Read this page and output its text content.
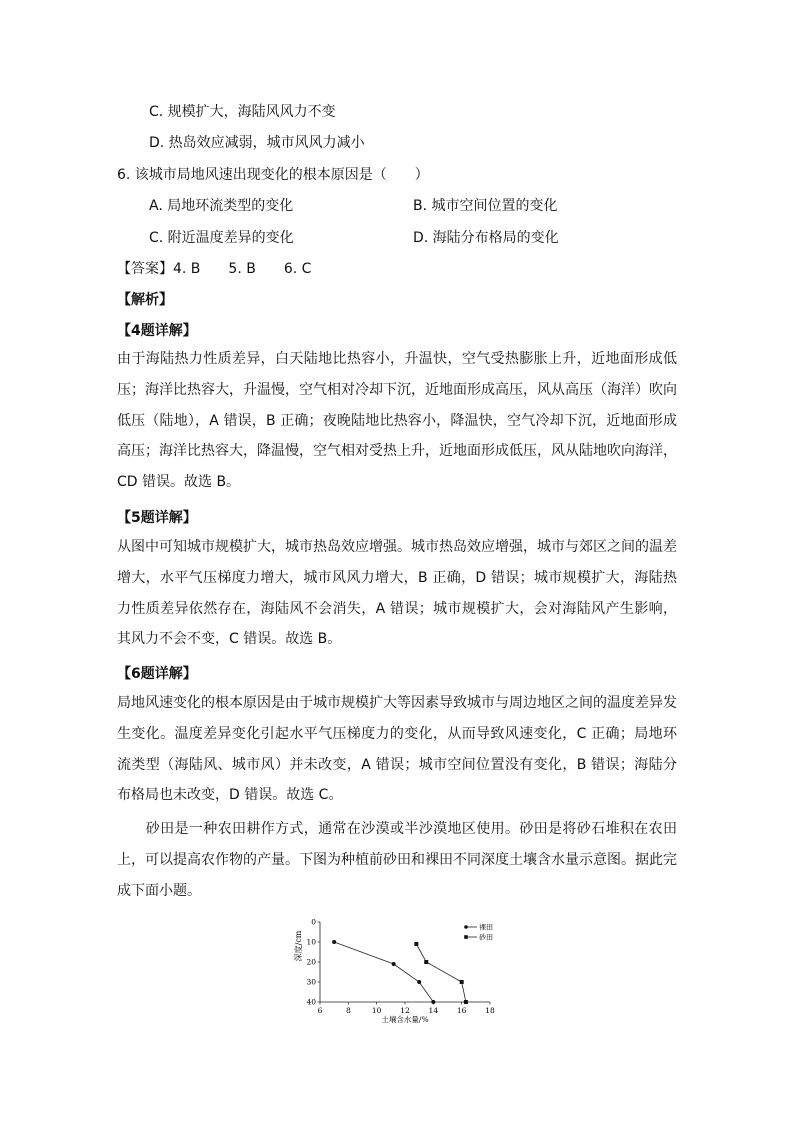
C. 规模扩大，海陆风风力不变
D. 热岛效应减弱，城市风风力减小
6. 该城市局地风速出现变化的根本原因是（　　）
A. 局地环流类型的变化	B. 城市空间位置的变化
C. 附近温度差异的变化	D. 海陆分布格局的变化
【答案】4. B　　5. B　　6. C
【解析】
【4题详解】
由于海陆热力性质差异，白天陆地比热容小，升温快，空气受热膨胀上升，近地面形成低压；海洋比热容大，升温慢，空气相对冷却下沉，近地面形成高压，风从高压（海洋）吹向低压（陆地），A 错误，B 正确；夜晚陆地比热容小，降温快，空气冷却下沉，近地面形成高压；海洋比热容大，降温慢，空气相对受热上升，近地面形成低压，风从陆地吹向海洋，CD 错误。故选 B。
【5题详解】
从图中可知城市规模扩大，城市热岛效应增强。城市热岛效应增强，城市与郊区之间的温差增大，水平气压梯度力增大，城市风风力增大，B 正确，D 错误；城市规模扩大，海陆热力性质差异依然存在，海陆风不会消失，A 错误；城市规模扩大，会对海陆风产生影响，其风力不会不变，C 错误。故选 B。
【6题详解】
局地风速变化的根本原因是由于城市规模扩大等因素导致城市与周边地区之间的温度差异发生变化。温度差异变化引起水平气压梯度力的变化，从而导致风速变化，C 正确；局地环流类型（海陆风、城市风）并未改变，A 错误；城市空间位置没有变化，B 错误；海陆分布格局也未改变，D 错误。故选 C。
　　砂田是一种农田耕作方式，通常在沙漠或半沙漠地区使用。砂田是将砂石堆积在农田上，可以提高农作物的产量。下图为种植前砂田和裸田不同深度土壤含水量示意图。据此完成下面小题。
6	8	10	12	14	16	18
0
10
20
30
40
深度/cm
土壤含水量/%
裸田
砂田
